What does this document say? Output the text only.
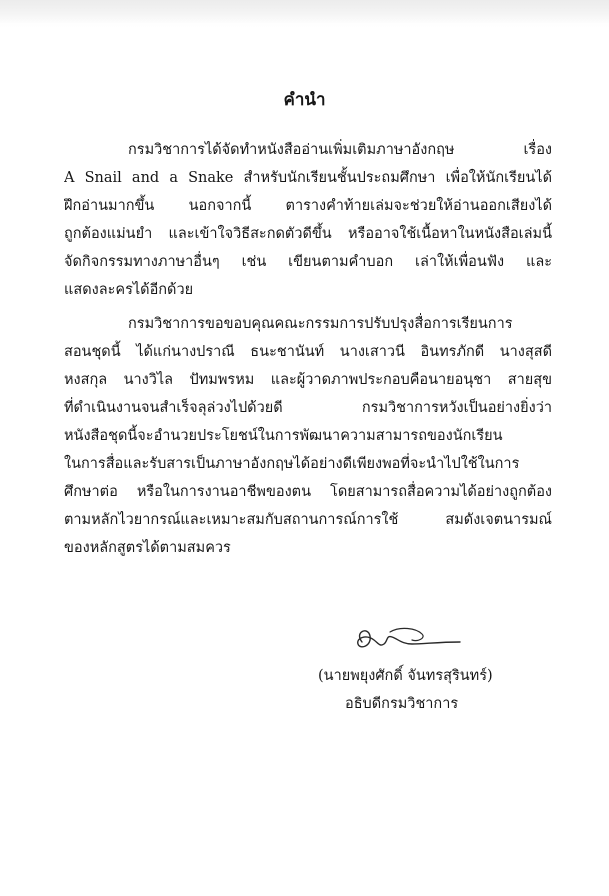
คำนำ
กรมวิชาการได้จัดทำหนังสืออ่านเพิ่มเติมภาษาอังกฤษ เรื่อง
A Snail and a Snake สำหรับนักเรียนชั้นประถมศึกษา เพื่อให้นักเรียนได้
ฝึกอ่านมากขึ้น นอกจากนี้ ตารางคำท้ายเล่มจะช่วยให้อ่านออกเสียงได้
ถูกต้องแม่นยำ และเข้าใจวิธีสะกดตัวดีขึ้น หรืออาจใช้เนื้อหาในหนังสือเล่มนี้
จัดกิจกรรมทางภาษาอื่นๆ เช่น เขียนตามคำบอก เล่าให้เพื่อนฟัง และ
แสดงละครได้อีกด้วย
กรมวิชาการขอขอบคุณคณะกรรมการปรับปรุงสื่อการเรียนการ
สอนชุดนี้ ได้แก่นางปราณี ธนะชานันท์ นางเสาวนี อินทรภักดี นางสุสดี
หงสกุล นางวิไล ปัทมพรหม และผู้วาดภาพประกอบคือนายอนุชา สายสุข
ที่ดำเนินงานจนสำเร็จลุล่วงไปด้วยดี กรมวิชาการหวังเป็นอย่างยิ่งว่า
หนังสือชุดนี้จะอำนวยประโยชน์ในการพัฒนาความสามารถของนักเรียน
ในการสื่อและรับสารเป็นภาษาอังกฤษได้อย่างดีเพียงพอที่จะนำไปใช้ในการ
ศึกษาต่อ หรือในการงานอาชีพของตน โดยสามารถสื่อความได้อย่างถูกต้อง
ตามหลักไวยากรณ์และเหมาะสมกับสถานการณ์การใช้ สมดังเจตนารมณ์
ของหลักสูตรได้ตามสมควร
(นายพยุงศักดิ์ จันทรสุรินทร์)
อธิบดีกรมวิชาการ
